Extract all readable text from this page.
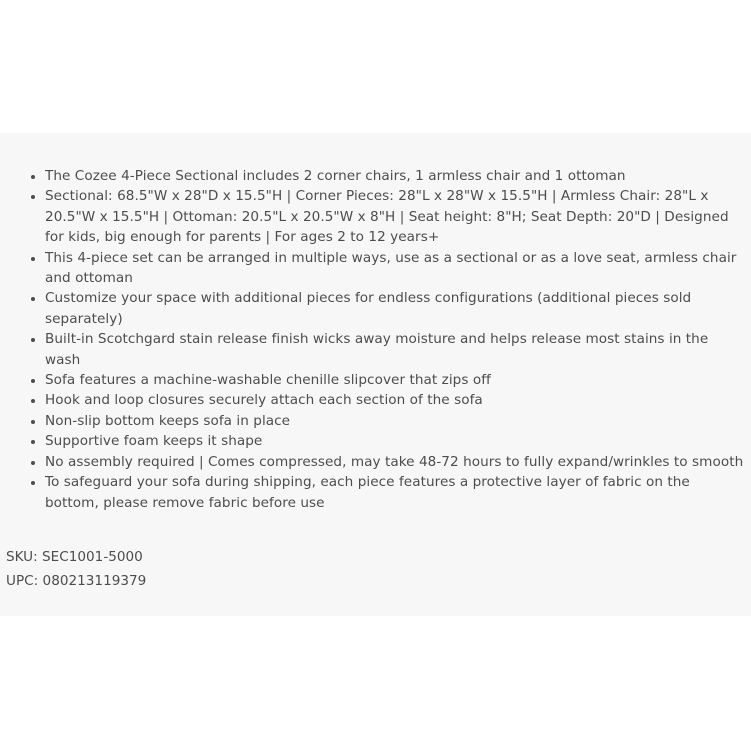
• The Cozee 4-Piece Sectional includes 2 corner chairs, 1 armless chair and 1 ottoman
• Sectional: 68.5"W x 28"D x 15.5"H | Corner Pieces: 28"L x 28"W x 15.5"H | Armless Chair: 28"L x 20.5"W x 15.5"H | Ottoman: 20.5"L x 20.5"W x 8"H | Seat height: 8"H; Seat Depth: 20"D | Designed for kids, big enough for parents | For ages 2 to 12 years+
• This 4-piece set can be arranged in multiple ways, use as a sectional or as a love seat, armless chair and ottoman
• Customize your space with additional pieces for endless configurations (additional pieces sold separately)
• Built-in Scotchgard stain release finish wicks away moisture and helps release most stains in the wash
• Sofa features a machine-washable chenille slipcover that zips off
• Hook and loop closures securely attach each section of the sofa
• Non-slip bottom keeps sofa in place
• Supportive foam keeps it shape
• No assembly required | Comes compressed, may take 48-72 hours to fully expand/wrinkles to smooth
• To safeguard your sofa during shipping, each piece features a protective layer of fabric on the bottom, please remove fabric before use

SKU: SEC1001-5000

UPC: 080213119379
